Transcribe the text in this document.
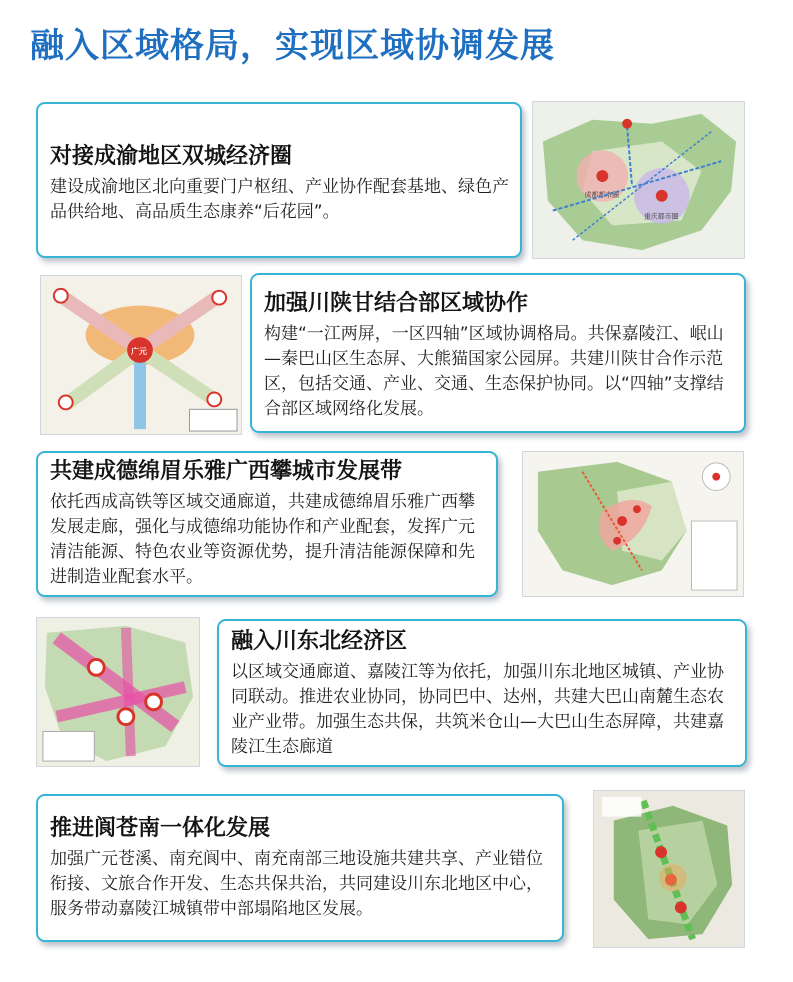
融入区域格局，实现区域协调发展
对接成渝地区双城经济圈

建设成渝地区北向重要门户枢纽、产业协作配套基地、绿色产品供给地、高品质生态康养“后花园”。

成都都市圈
重庆都市圈
广元
加强川陕甘结合部区域协作

构建“一江两屏，一区四轴”区域协调格局。共保嘉陵江、岷山—秦巴山区生态屏、大熊猫国家公园屏。共建川陕甘合作示范区，包括交通、产业、交通、生态保护协同。以“四轴”支撑结合部区域网络化发展。

共建成德绵眉乐雅广西攀城市发展带

依托西成高铁等区域交通廊道，共建成德绵眉乐雅广西攀发展走廊，强化与成德绵功能协作和产业配套，发挥广元清洁能源、特色农业等资源优势，提升清洁能源保障和先进制造业配套水平。

融入川东北经济区

以区域交通廊道、嘉陵江等为依托，加强川东北地区城镇、产业协同联动。推进农业协同，协同巴中、达州，共建大巴山南麓生态农业产业带。加强生态共保，共筑米仓山—大巴山生态屏障，共建嘉陵江生态廊道

推进阆苍南一体化发展

加强广元苍溪、南充阆中、南充南部三地设施共建共享、产业错位衔接、文旅合作开发、生态共保共治，共同建设川东北地区中心，服务带动嘉陵江城镇带中部塌陷地区发展。
